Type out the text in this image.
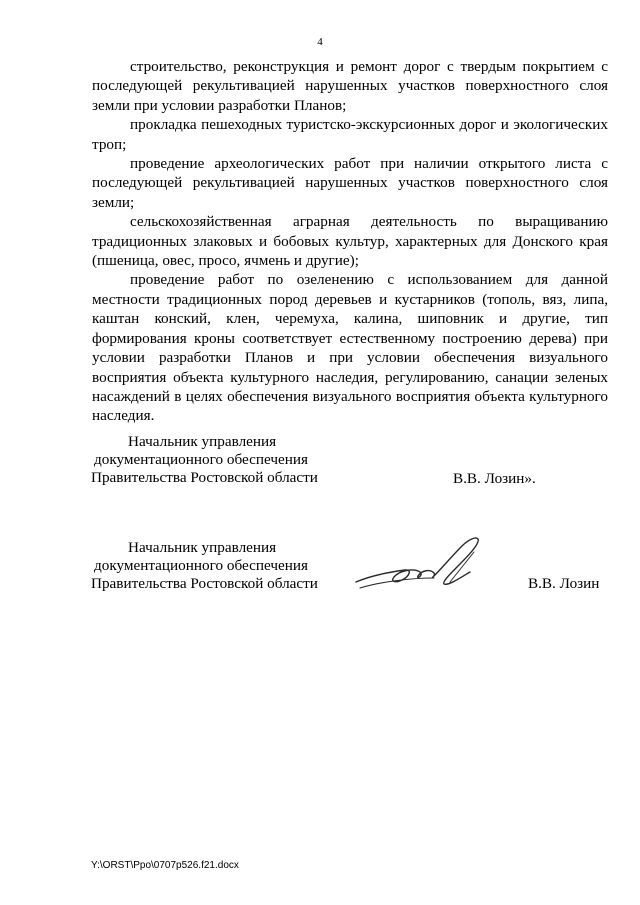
4

строительство, реконструкция и ремонт дорог с твердым покрытием с последующей рекультивацией нарушенных участков поверхностного слоя земли при условии разработки Планов;

прокладка пешеходных туристско-экскурсионных дорог и экологических троп;

проведение археологических работ при наличии открытого листа с последующей рекультивацией нарушенных участков поверхностного слоя земли;

сельскохозяйственная аграрная деятельность по выращиванию традиционных злаковых и бобовых культур, характерных для Донского края (пшеница, овес, просо, ячмень и другие);

проведение работ по озеленению с использованием для данной местности традиционных пород деревьев и кустарников (тополь, вяз, липа, каштан конский, клен, черемуха, калина, шиповник и другие, тип формирования кроны соответствует естественному построению дерева) при условии разработки Планов и при условии обеспечения визуального восприятия объекта культурного наследия, регулированию, санации зеленых насаждений в целях обеспечения визуального восприятия объекта культурного наследия.

Начальник управления
документационного обеспечения
Правительства Ростовской области	В.В. Лозин».
Начальник управления
документационного обеспечения
Правительства Ростовской области	В.В. Лозин
Y:\ORST\Ppo\0707p526.f21.docx
